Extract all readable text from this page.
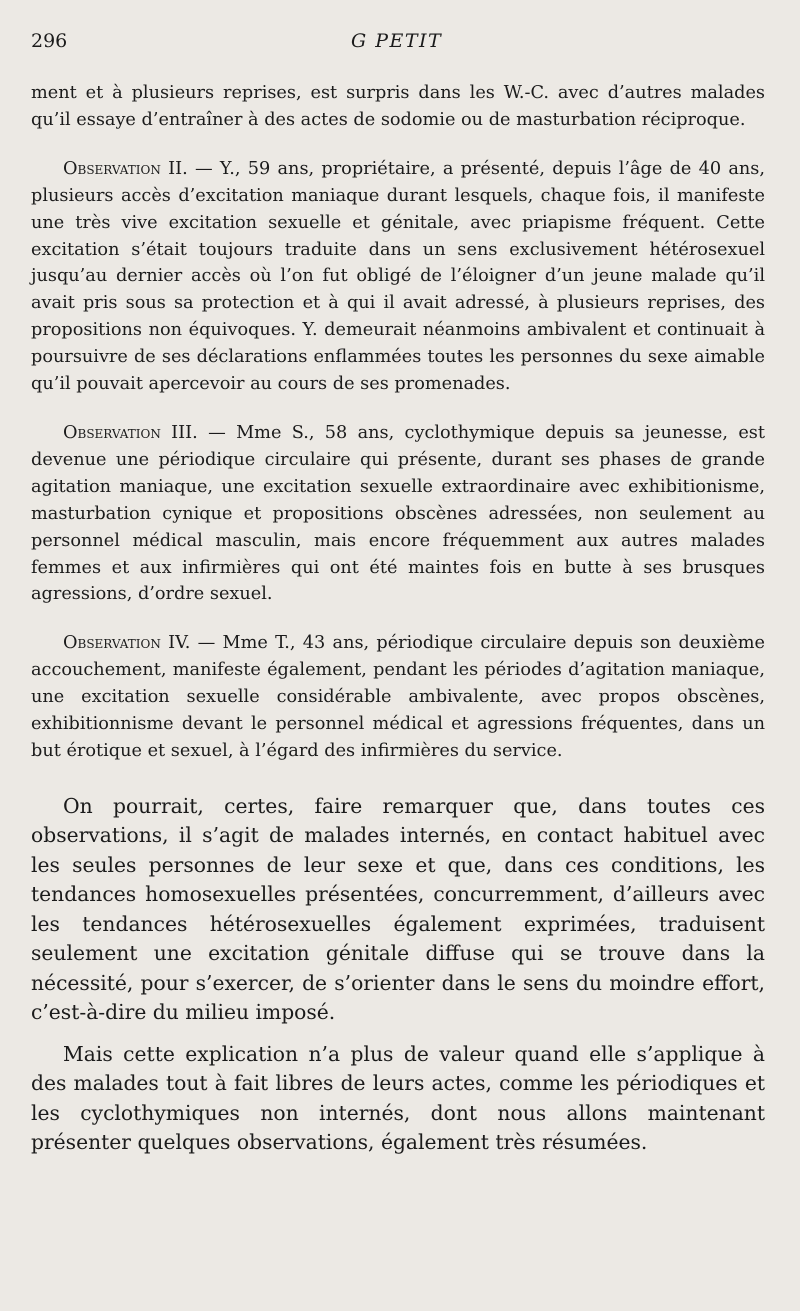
296	G PETIT

ment et à plusieurs reprises, est surpris dans les W.-C. avec d’autres malades qu’il essaye d’entraîner à des actes de sodomie ou de masturbation réciproque.

Observation II. — Y., 59 ans, propriétaire, a présenté, depuis l’âge de 40 ans, plusieurs accès d’excitation maniaque durant lesquels, chaque fois, il manifeste une très vive excitation sexuelle et génitale, avec priapisme fréquent. Cette excitation s’était toujours traduite dans un sens exclusivement hétérosexuel jusqu’au dernier accès où l’on fut obligé de l’éloigner d’un jeune malade qu’il avait pris sous sa protection et à qui il avait adressé, à plusieurs reprises, des propositions non équivoques. Y. demeurait néanmoins ambivalent et continuait à poursuivre de ses déclarations enflammées toutes les personnes du sexe aimable qu’il pouvait apercevoir au cours de ses promenades.

Observation III. — Mme S., 58 ans, cyclothymique depuis sa jeunesse, est devenue une périodique circulaire qui présente, durant ses phases de grande agitation maniaque, une excitation sexuelle extraordinaire avec exhibitionisme, masturbation cynique et propositions obscènes adressées, non seulement au personnel médical masculin, mais encore fréquemment aux autres malades femmes et aux infirmières qui ont été maintes fois en butte à ses brusques agressions, d’ordre sexuel.

Observation IV. — Mme T., 43 ans, périodique circulaire depuis son deuxième accouchement, manifeste également, pendant les périodes d’agitation maniaque, une excitation sexuelle considérable ambivalente, avec propos obscènes, exhibitionnisme devant le personnel médical et agressions fréquentes, dans un but érotique et sexuel, à l’égard des infirmières du service.

On pourrait, certes, faire remarquer que, dans toutes ces observations, il s’agit de malades internés, en contact habituel avec les seules personnes de leur sexe et que, dans ces conditions, les tendances homosexuelles présentées, concurremment, d’ailleurs avec les tendances hétérosexuelles également exprimées, traduisent seulement une excitation génitale diffuse qui se trouve dans la nécessité, pour s’exercer, de s’orienter dans le sens du moindre effort, c’est-à-dire du milieu imposé.

Mais cette explication n’a plus de valeur quand elle s’applique à des malades tout à fait libres de leurs actes, comme les périodiques et les cyclothymiques non internés, dont nous allons maintenant présenter quelques observations, également très résumées.
